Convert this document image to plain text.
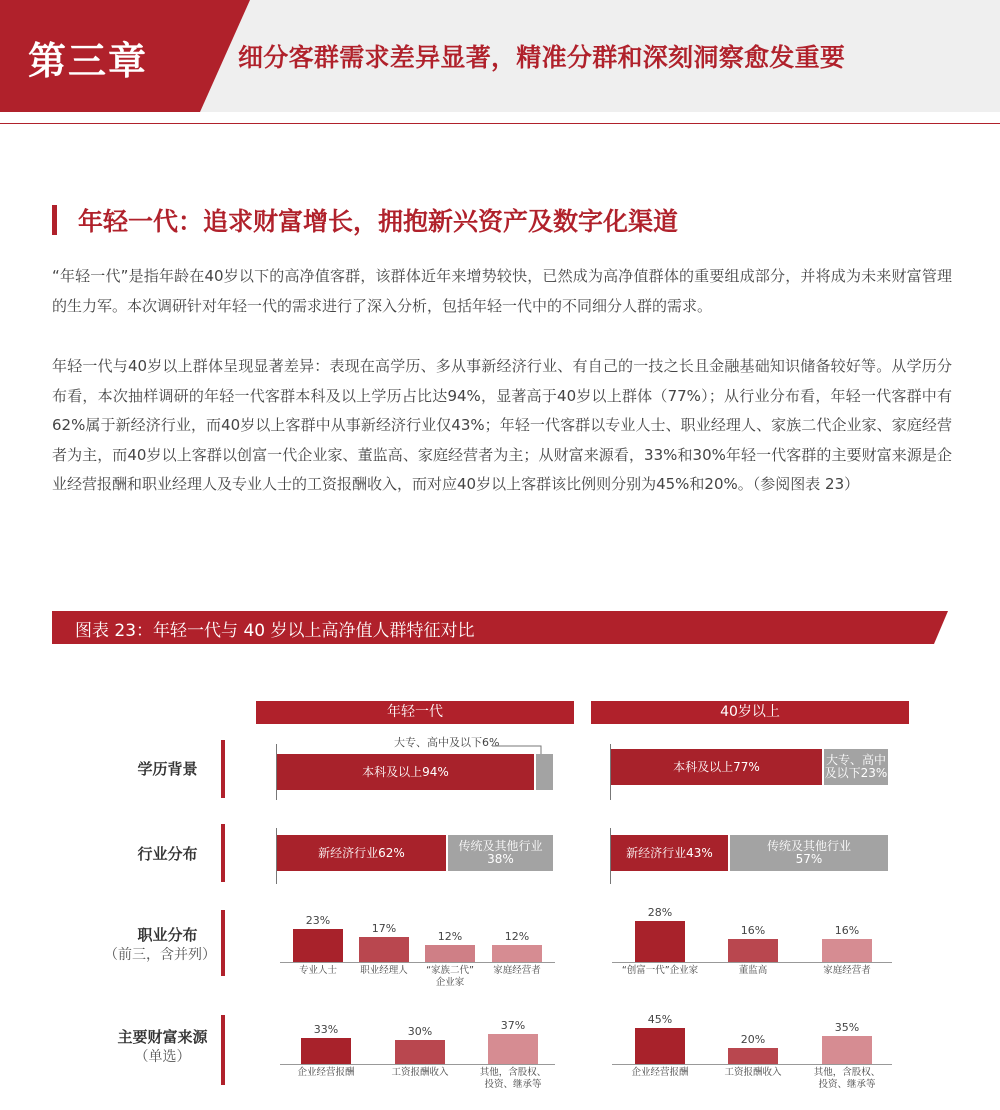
第三章	细分客群需求差异显著，精准分群和深刻洞察愈发重要
年轻一代：追求财富增长，拥抱新兴资产及数字化渠道

“年轻一代”是指年龄在40岁以下的高净值客群，该群体近年来增势较快，已然成为高净值群体的重要组成部分，并将成为未来财富管理的生力军。本次调研针对年轻一代的需求进行了深入分析，包括年轻一代中的不同细分人群的需求。

年轻一代与40岁以上群体呈现显著差异：表现在高学历、多从事新经济行业、有自己的一技之长且金融基础知识储备较好等。从学历分布看，本次抽样调研的年轻一代客群本科及以上学历占比达94%，显著高于40岁以上群体（77%）；从行业分布看，年轻一代客群中有62%属于新经济行业，而40岁以上客群中从事新经济行业仅43%；年轻一代客群以专业人士、职业经理人、家族二代企业家、家庭经营者为主，而40岁以上客群以创富一代企业家、董监高、家庭经营者为主；从财富来源看，33%和30%年轻一代客群的主要财富来源是企业经营报酬和职业经理人及专业人士的工资报酬收入，而对应40岁以上客群该比例则分别为45%和20%。（参阅图表 23）

图表 23：年轻一代与 40 岁以上高净值人群特征对比
年轻一代	40岁以上
学历背景
行业分布
职业分布
（前三，含并列）
主要财富来源
（单选）
大专、高中及以下6%
本科及以上94%	本科及以上77%	大专、高中
及以下23%
新经济行业62%	传统及其他行业
38%	新经济行业43%	传统及其他行业
57%
23%
17%
12%	12%
专业人士	职业经理人	“家族二代”
企业家
家庭经营者
28%
16%	16%
“创富一代”企业家	董监高	家庭经营者
33%	30%	37%
企业经营报酬	工资报酬收入	其他，含股权、
投资、继承等
45%
20%
35%
企业经营报酬	工资报酬收入	其他，含股权、
投资、继承等
